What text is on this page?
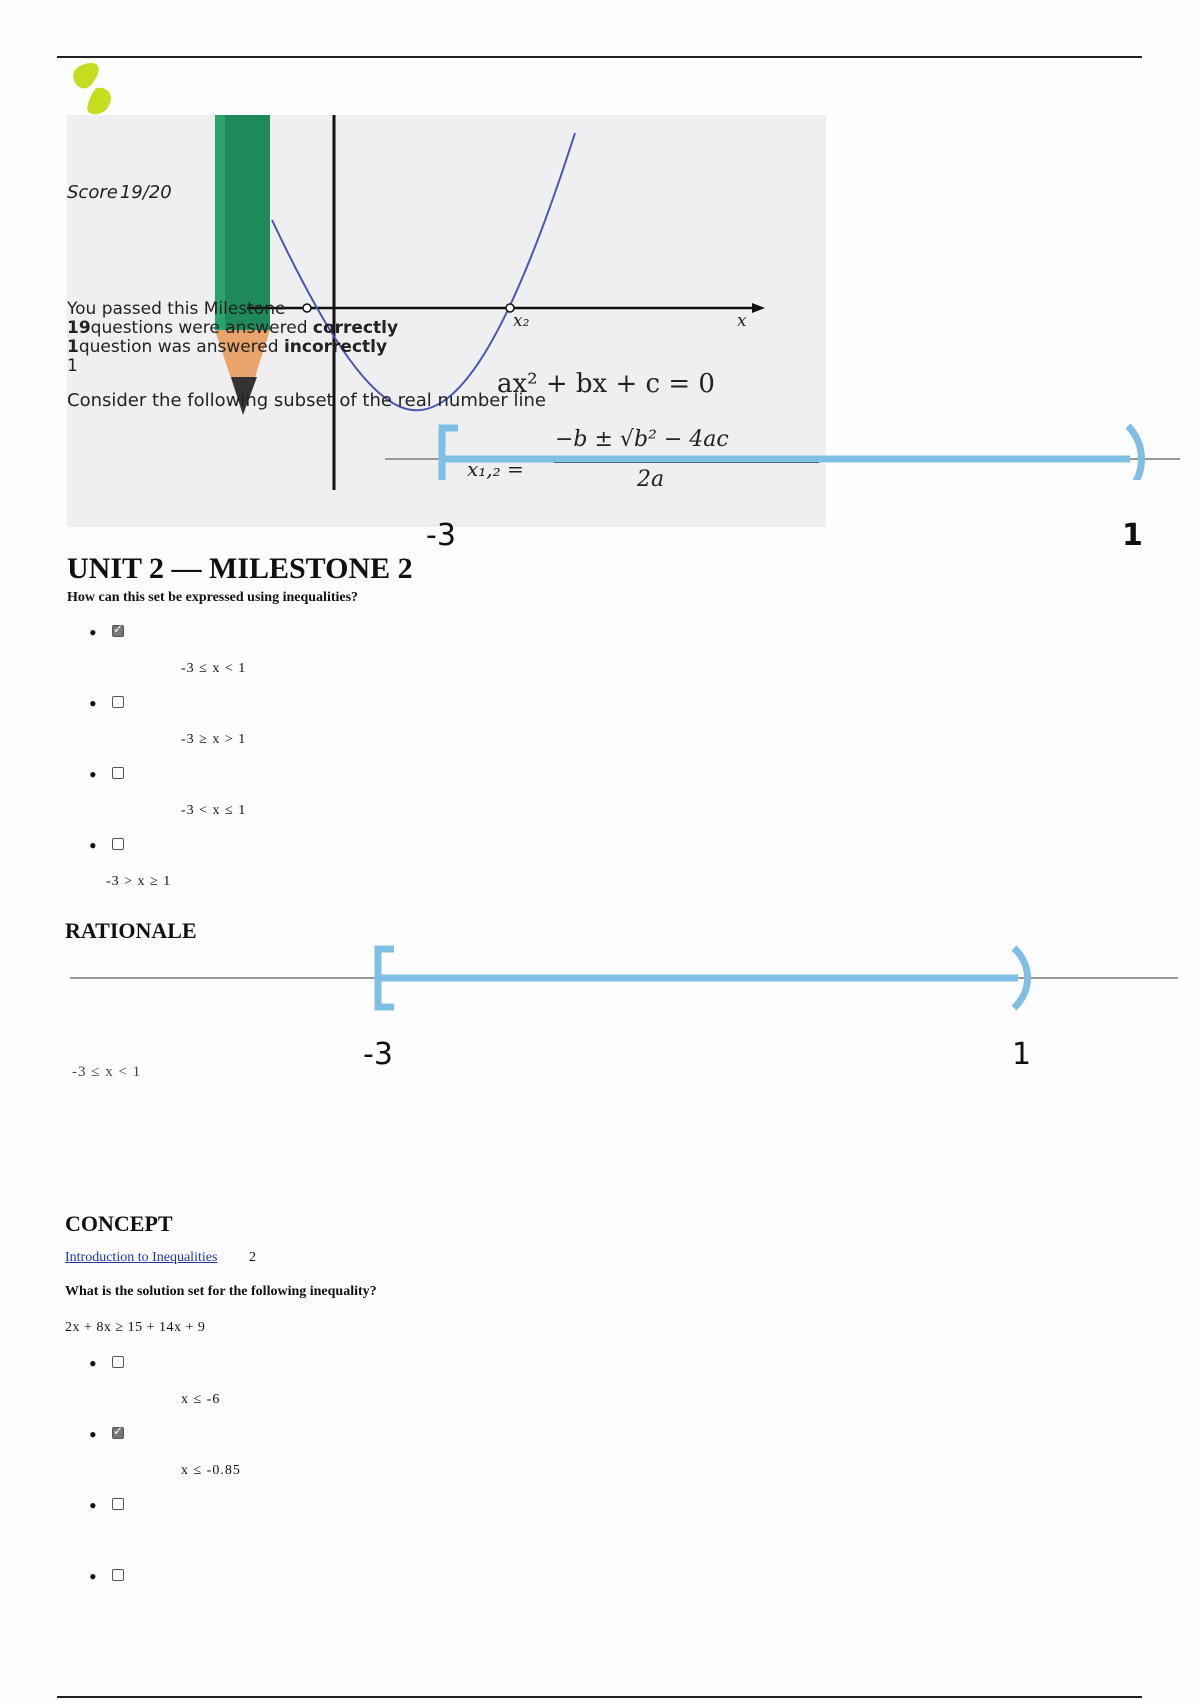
x₂	x
ax² + bx + c = 0
x₁,₂ =
−b ± √b² − 4ac
2a
Score 19/20
You passed this Milestone
19questions were answered correctly
1question was answered incorrectly
1
Consider the following subset of the real number line
-3	1
UNIT 2 — MILESTONE 2
How can this set be expressed using inequalities?
•
✓
-3 ≤ x < 1
•
-3 ≥ x > 1
•
-3 < x ≤ 1
•
-3 > x ≥ 1
RATIONALE
-3	1
-3 ≤ x < 1
CONCEPT
Introduction to Inequalities 2
What is the solution set for the following inequality?
2x + 8x ≥ 15 + 14x + 9
•
x ≤ -6
•
✓
x ≤ -0.85
•
•
